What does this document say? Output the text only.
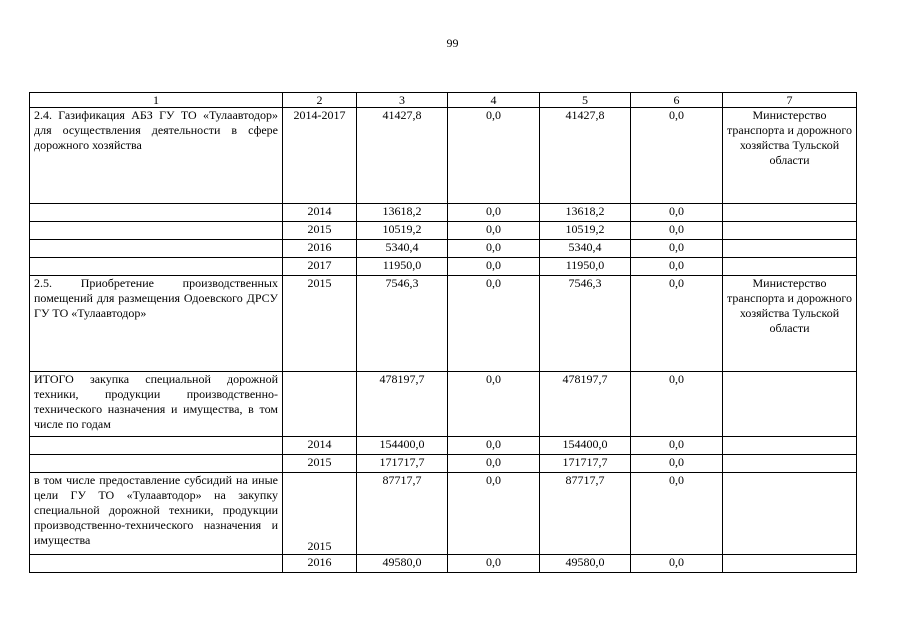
99
1	2	3	4	5	6	7
2.4. Газификация АБЗ ГУ ТО «Тулаавтодор» для осуществления деятельности в сфере дорожного хозяйства	2014-2017	41427,8	0,0	41427,8	0,0	Министерство транспорта и дорожного хозяйства Тульской области
	2014	13618,2	0,0	13618,2	0,0	
	2015	10519,2	0,0	10519,2	0,0	
	2016	5340,4	0,0	5340,4	0,0	
	2017	11950,0	0,0	11950,0	0,0	
2.5. Приобретение производственных помещений для размещения Одоевского ДРСУ ГУ ТО «Тулаавтодор»	2015	7546,3	0,0	7546,3	0,0	Министерство транспорта и дорожного хозяйства Тульской области
ИТОГО закупка специальной дорожной техники, продукции производственно-технического назначения и имущества, в том числе по годам		478197,7	0,0	478197,7	0,0	
	2014	154400,0	0,0	154400,0	0,0	
	2015	171717,7	0,0	171717,7	0,0	
в том числе предоставление субсидий на иные цели ГУ ТО «Тулаавтодор» на закупку специальной дорожной техники, продукции производственно-технического назначения и имущества	2015	87717,7	0,0	87717,7	0,0	
	2016	49580,0	0,0	49580,0	0,0	
